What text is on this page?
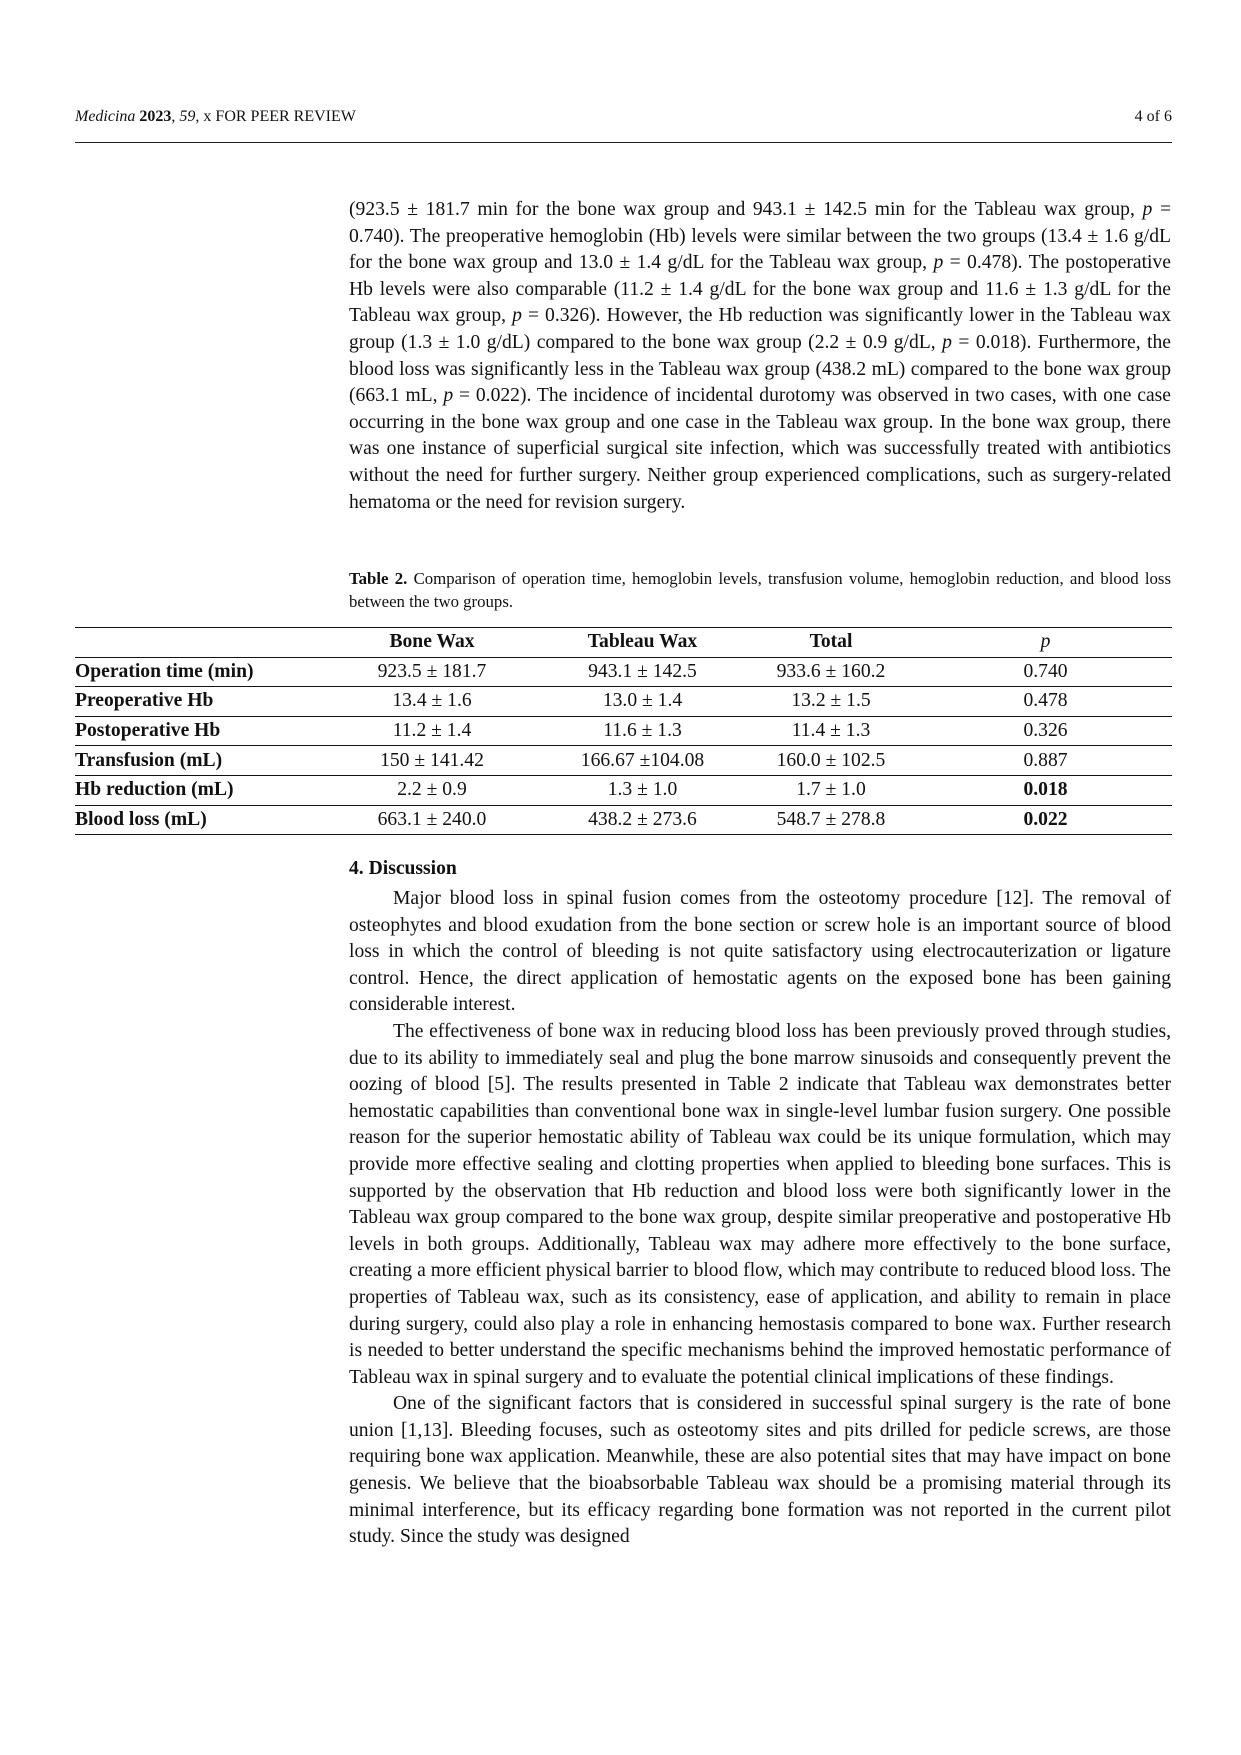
Medicina 2023, 59, x FOR PEER REVIEW	4 of 6

(923.5 ± 181.7 min for the bone wax group and 943.1 ± 142.5 min for the Tableau wax group, p = 0.740). The preoperative hemoglobin (Hb) levels were similar between the two groups (13.4 ± 1.6 g/dL for the bone wax group and 13.0 ± 1.4 g/dL for the Tableau wax group, p = 0.478). The postoperative Hb levels were also comparable (11.2 ± 1.4 g/dL for the bone wax group and 11.6 ± 1.3 g/dL for the Tableau wax group, p = 0.326). However, the Hb reduction was significantly lower in the Tableau wax group (1.3 ± 1.0 g/dL) compared to the bone wax group (2.2 ± 0.9 g/dL, p = 0.018). Furthermore, the blood loss was significantly less in the Tableau wax group (438.2 mL) compared to the bone wax group (663.1 mL, p = 0.022). The incidence of incidental durotomy was observed in two cases, with one case occurring in the bone wax group and one case in the Tableau wax group. In the bone wax group, there was one instance of superficial surgical site infection, which was successfully treated with antibiotics without the need for further surgery. Neither group experienced complications, such as surgery-related hematoma or the need for revision surgery.

Table 2. Comparison of operation time, hemoglobin levels, transfusion volume, hemoglobin reduction, and blood loss between the two groups.

	Bone Wax	Tableau Wax	Total	p
Operation time (min)	923.5 ± 181.7	943.1 ± 142.5	933.6 ± 160.2	0.740
Preoperative Hb	13.4 ± 1.6	13.0 ± 1.4	13.2 ± 1.5	0.478
Postoperative Hb	11.2 ± 1.4	11.6 ± 1.3	11.4 ± 1.3	0.326
Transfusion (mL)	150 ± 141.42	166.67 ±104.08	160.0 ± 102.5	0.887
Hb reduction (mL)	2.2 ± 0.9	1.3 ± 1.0	1.7 ± 1.0	0.018
Blood loss (mL)	663.1 ± 240.0	438.2 ± 273.6	548.7 ± 278.8	0.022
4. Discussion

Major blood loss in spinal fusion comes from the osteotomy procedure [12]. The removal of osteophytes and blood exudation from the bone section or screw hole is an important source of blood loss in which the control of bleeding is not quite satisfactory using electrocauterization or ligature control. Hence, the direct application of hemostatic agents on the exposed bone has been gaining considerable interest.

The effectiveness of bone wax in reducing blood loss has been previously proved through studies, due to its ability to immediately seal and plug the bone marrow sinusoids and consequently prevent the oozing of blood [5]. The results presented in Table 2 indicate that Tableau wax demonstrates better hemostatic capabilities than conventional bone wax in single-level lumbar fusion surgery. One possible reason for the superior hemostatic ability of Tableau wax could be its unique formulation, which may provide more effective sealing and clotting properties when applied to bleeding bone surfaces. This is supported by the observation that Hb reduction and blood loss were both significantly lower in the Tableau wax group compared to the bone wax group, despite similar preoperative and postoperative Hb levels in both groups. Additionally, Tableau wax may adhere more effectively to the bone surface, creating a more efficient physical barrier to blood flow, which may contribute to reduced blood loss. The properties of Tableau wax, such as its consistency, ease of application, and ability to remain in place during surgery, could also play a role in enhancing hemostasis compared to bone wax. Further research is needed to better understand the specific mechanisms behind the improved hemostatic performance of Tableau wax in spinal surgery and to evaluate the potential clinical implications of these findings.

One of the significant factors that is considered in successful spinal surgery is the rate of bone union [1,13]. Bleeding focuses, such as osteotomy sites and pits drilled for pedicle screws, are those requiring bone wax application. Meanwhile, these are also potential sites that may have impact on bone genesis. We believe that the bioabsorbable Tableau wax should be a promising material through its minimal interference, but its efficacy regarding bone formation was not reported in the current pilot study. Since the study was designed
